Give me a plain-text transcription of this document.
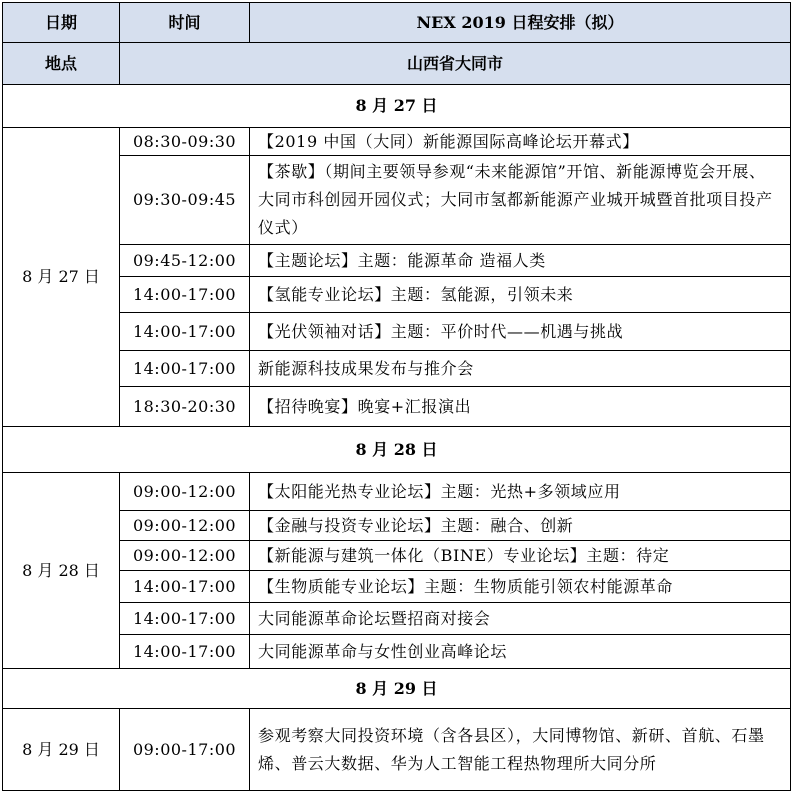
日期	时间	NEX 2019 日程安排（拟）
地点	山西省大同市	
8 月 27 日		
8 月 27 日	08:30-09:30	【2019 中国（大同）新能源国际高峰论坛开幕式】
	09:30-09:45	【茶歇】（期间主要领导参观“未来能源馆”开馆、新能源博览会开展、大同市科创园开园仪式；大同市氢都新能源产业城开城暨首批项目投产仪式）
	09:45-12:00	【主题论坛】主题：能源革命 造福人类
	14:00-17:00	【氢能专业论坛】主题：氢能源，引领未来
	14:00-17:00	【光伏领袖对话】主题：平价时代——机遇与挑战
	14:00-17:00	新能源科技成果发布与推介会
	18:30-20:30	【招待晚宴】晚宴+汇报演出
8 月 28 日		
8 月 28 日	09:00-12:00	【太阳能光热专业论坛】主题：光热+多领域应用
	09:00-12:00	【金融与投资专业论坛】主题：融合、创新
	09:00-12:00	【新能源与建筑一体化（BINE）专业论坛】主题：待定
	14:00-17:00	【生物质能专业论坛】主题：生物质能引领农村能源革命
	14:00-17:00	大同能源革命论坛暨招商对接会
	14:00-17:00	大同能源革命与女性创业高峰论坛
8 月 29 日		
8 月 29 日	09:00-17:00	参观考察大同投资环境（含各县区），大同博物馆、新研、首航、石墨烯、普云大数据、华为人工智能工程热物理所大同分所
